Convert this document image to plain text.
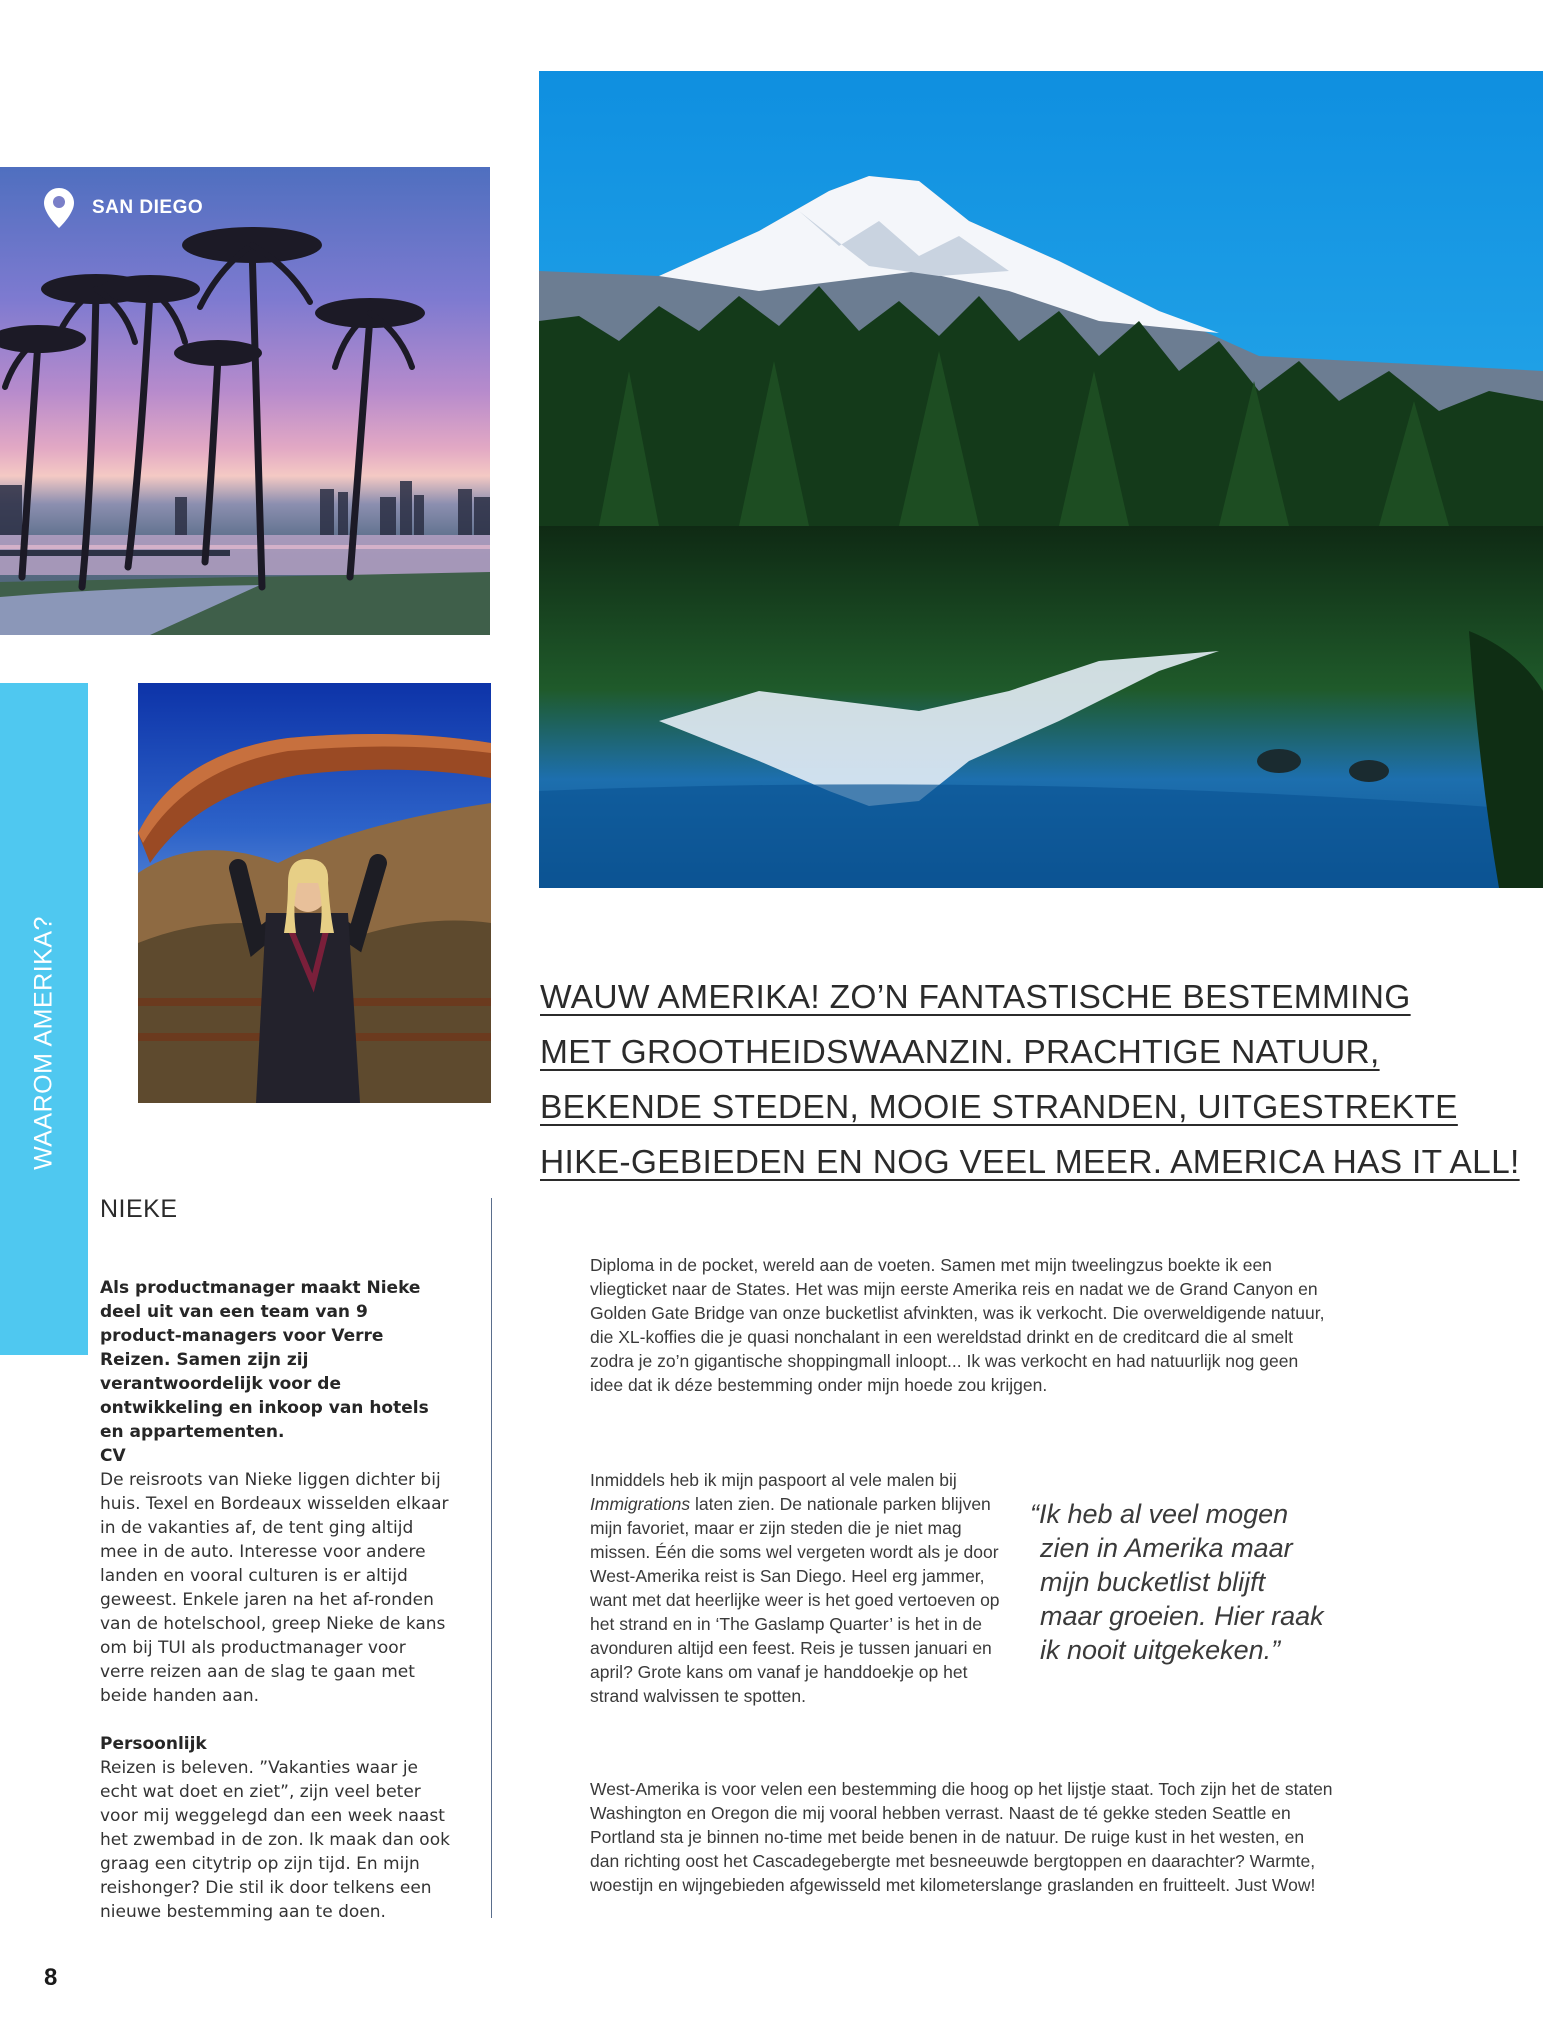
SAN DIEGO
WAAROM AMERIKA?	WAUW AMERIKA! ZO’N FANTASTISCHE BESTEMMING
MET GROOTHEIDSWAANZIN. PRACHTIGE NATUUR,
BEKENDE STEDEN, MOOIE STRANDEN, UITGESTREKTE
HIKE-GEBIEDEN EN NOG VEEL MEER. AMERICA HAS IT ALL!
NIEKE

Als productmanager maakt Nieke deel uit van een team van 9 product-managers voor Verre Reizen. Samen zijn zij verantwoordelijk voor de ontwikkeling en inkoop van hotels en appartementen.

CV

De reisroots van Nieke liggen dichter bij huis. Texel en Bordeaux wisselden elkaar in de vakanties af, de tent ging altijd mee in de auto. Interesse voor andere landen en vooral culturen is er altijd geweest. Enkele jaren na het af-ronden van de hotelschool, greep Nieke de kans om bij TUI als productmanager voor verre reizen aan de slag te gaan met beide handen aan.

Persoonlijk

Reizen is beleven. ”Vakanties waar je echt wat doet en ziet”, zijn veel beter voor mij weggelegd dan een week naast het zwembad in de zon. Ik maak dan ook graag een citytrip op zijn tijd. En mijn reishonger? Die stil ik door telkens een nieuwe bestemming aan te doen.

Diploma in de pocket, wereld aan de voeten. Samen met mijn tweelingzus boekte ik een vliegticket naar de States. Het was mijn eerste Amerika reis en nadat we de Grand Canyon en Golden Gate Bridge van onze bucketlist afvinkten, was ik verkocht. Die overweldigende natuur, die XL-koffies die je quasi nonchalant in een wereldstad drinkt en de creditcard die al smelt zodra je zo’n gigantische shoppingmall inloopt... Ik was verkocht en had natuurlijk nog geen idee dat ik déze bestemming onder mijn hoede zou krijgen.

Inmiddels heb ik mijn paspoort al vele malen bij
Immigrations laten zien. De nationale parken blijven mijn favoriet, maar er zijn steden die je niet mag missen. Één die soms wel vergeten wordt als je door West-Amerika reist is San Diego. Heel erg jammer, want met dat heerlijke weer is het goed vertoeven op het strand en in ‘The Gaslamp Quarter’ is het in de avonduren altijd een feest. Reis je tussen januari en april? Grote kans om vanaf je handdoekje op het strand walvissen te spotten.

“Ik heb al veel mogen
zien in Amerika maar
mijn bucketlist blijft
maar groeien. Hier raak
ik nooit uitgekeken.”

West-Amerika is voor velen een bestemming die hoog op het lijstje staat. Toch zijn het de staten Washington en Oregon die mij vooral hebben verrast. Naast de té gekke steden Seattle en Portland sta je binnen no-time met beide benen in de natuur. De ruige kust in het westen, en dan richting oost het Cascadegebergte met besneeuwde bergtoppen en daarachter? Warmte, woestijn en wijngebieden afgewisseld met kilometerslange graslanden en fruitteelt. Just Wow!

8
